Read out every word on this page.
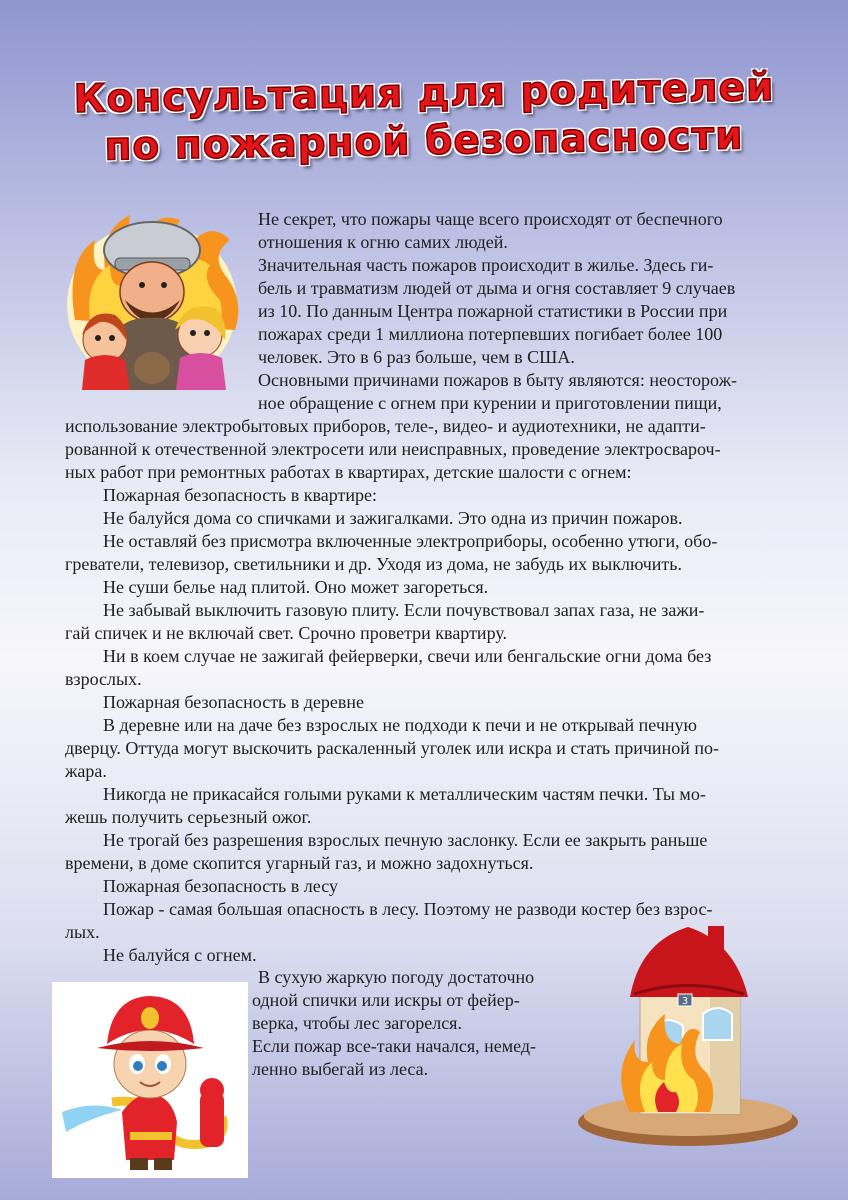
Консультация для родителей
по пожарной безопасности

Не секрет, что пожары чаще всего происходят от беспечного

отношения к огню самих людей.

Значительная часть пожаров происходит в жилье. Здесь ги-

бель и травматизм людей от дыма и огня составляет 9 случаев

из 10. По данным Центра пожарной статистики в России при

пожарах среди 1 миллиона потерпевших погибает более 100

человек. Это в 6 раз больше, чем в США.

Основными причинами пожаров в быту являются: неосторож-

ное обращение с огнем при курении и приготовлении пищи,

использование электробытовых приборов, теле-, видео- и аудиотехники, не адапти-

рованной к отечественной электросети или неисправных, проведение электросвароч-

ных работ при ремонтных работах в квартирах, детские шалости с огнем:

Пожарная безопасность в квартире:

Не балуйся дома со спичками и зажигалками. Это одна из причин пожаров.

Не оставляй без присмотра включенные электроприборы, особенно утюги, обо-

греватели, телевизор, светильники и др. Уходя из дома, не забудь их выключить.

Не суши белье над плитой. Оно может загореться.

Не забывай выключить газовую плиту. Если почувствовал запах газа, не зажи-

гай спичек и не включай свет. Срочно проветри квартиру.

Ни в коем случае не зажигай фейерверки, свечи или бенгальские огни дома без

взрослых.

Пожарная безопасность в деревне

В деревне или на даче без взрослых не подходи к печи и не открывай печную

дверцу. Оттуда могут выскочить раскаленный уголек или искра и стать причиной по-

жара.

Никогда не прикасайся голыми руками к металлическим частям печки. Ты мо-

жешь получить серьезный ожог.

Не трогай без разрешения взрослых печную заслонку. Если ее закрыть раньше

времени, в доме скопится угарный газ, и можно задохнуться.

Пожарная безопасность в лесу

Пожар - самая большая опасность в лесу. Поэтому не разводи костер без взрос-

лых.

Не балуйся с огнем.

В сухую жаркую погоду достаточно

одной спички или искры от фейер-

верка, чтобы лес загорелся.

Если пожар все-таки начался, немед-

ленно выбегай из леса.

3
